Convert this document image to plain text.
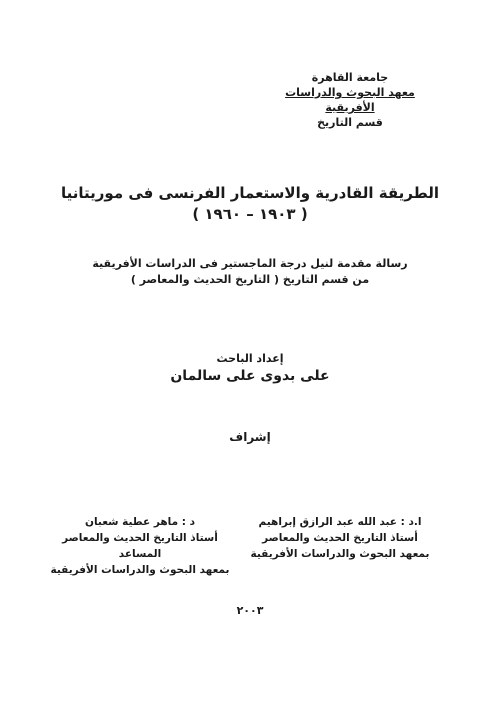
جامعة القاهرة
معهد البحوث والدراسات الأفريقية
قسم التاريخ
الطريقة القادرية والاستعمار الفرنسى فى موريتانيا
( ١٩٠٣ – ١٩٦٠ )
رسالة مقدمة لنيل درجة الماجستير فى الدراسات الأفريقية
من قسم التاريخ ( التاريخ الحديث والمعاصر )
إعداد الباحث
على بدوى على سالمان
إشراف
ا.د : عبد الله عبد الرازق إبراهيم
أستاذ التاريخ الحديث والمعاصر
بمعهد البحوث والدراسات الأفريقية
د : ماهر عطية شعبان
أستاذ التاريخ الحديث والمعاصر المساعد
بمعهد البحوث والدراسات الأفريقية
٢٠٠٣
